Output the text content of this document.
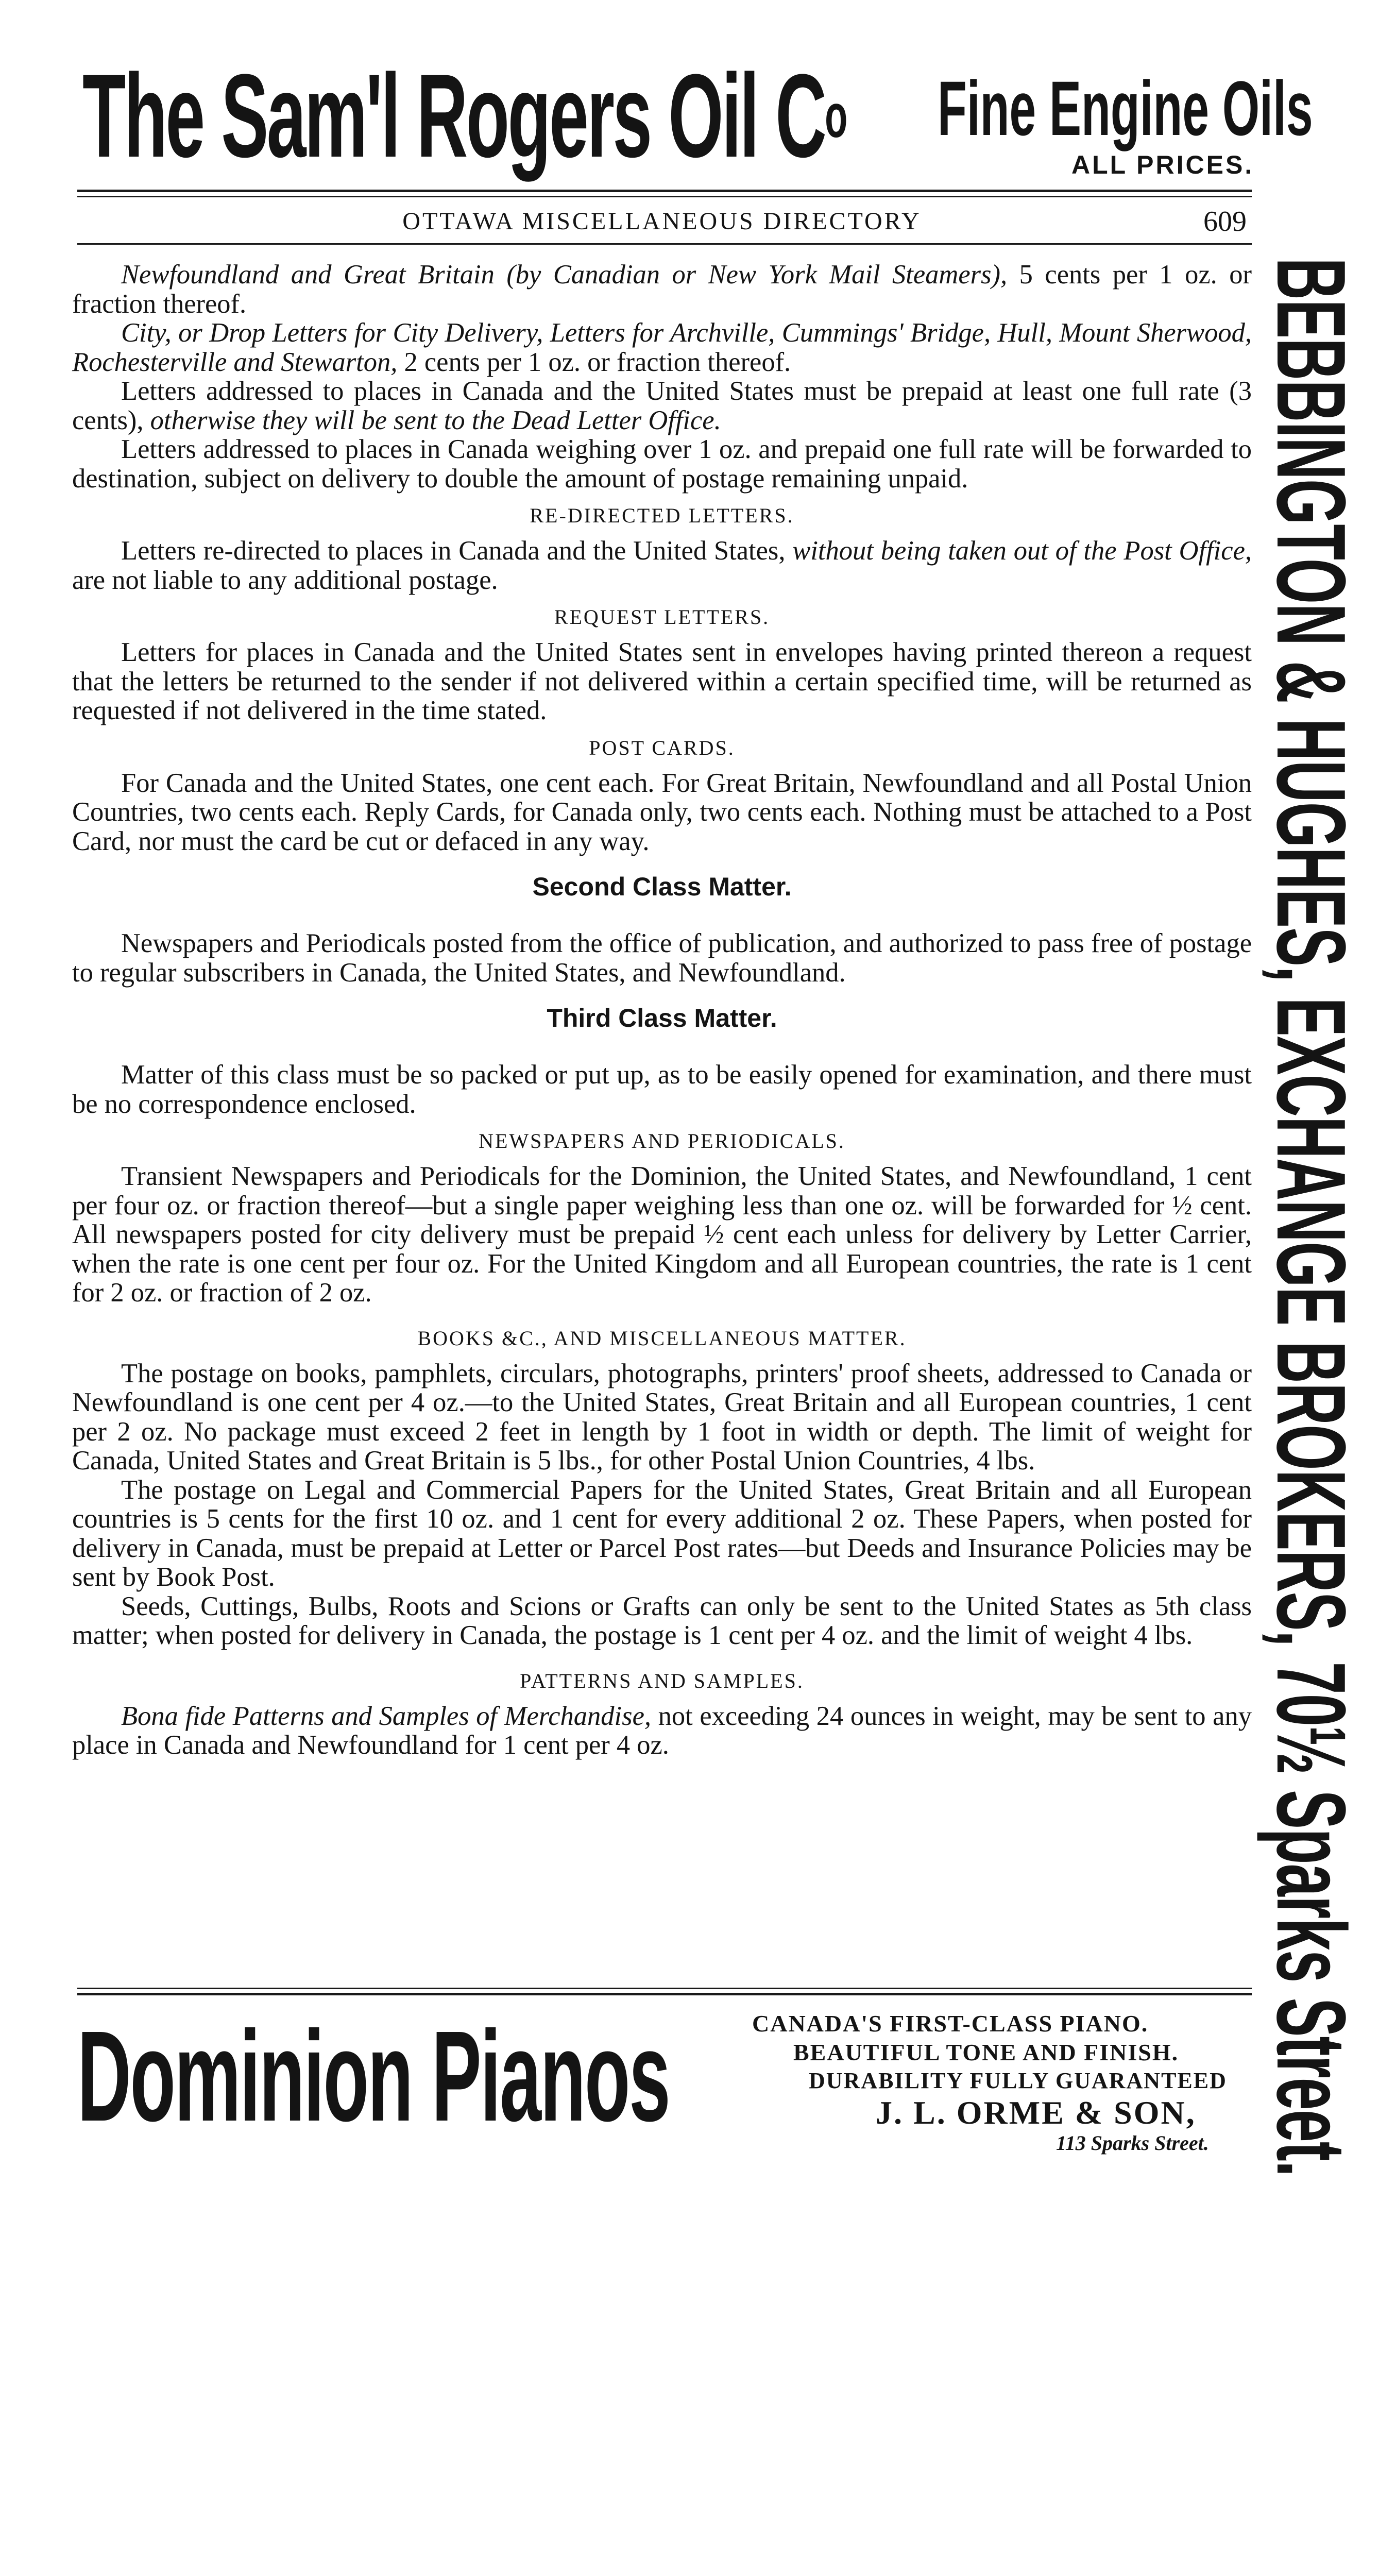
The Sam'l Rogers Oil $C^o$ Fine Engine Oils
ALL PRICES.
OTTAWA MISCELLANEOUS DIRECTORY	609

Newfoundland and Great Britain (by Canadian or New York Mail Steamers), 5 cents per 1 oz. or fraction thereof.

City, or Drop Letters for City Delivery, Letters for Archville, Cummings' Bridge, Hull, Mount Sherwood, Rochesterville and Stewarton, 2 cents per 1 oz. or fraction thereof.

Letters addressed to places in Canada and the United States must be prepaid at least one full rate (3 cents), otherwise they will be sent to the Dead Letter Office.

Letters addressed to places in Canada weighing over 1 oz. and prepaid one full rate will be forwarded to destination, subject on delivery to double the amount of postage remaining unpaid.

RE-DIRECTED LETTERS.

Letters re-directed to places in Canada and the United States, without being taken out of the Post Office, are not liable to any additional postage.

REQUEST LETTERS.

Letters for places in Canada and the United States sent in envelopes having printed thereon a request that the letters be returned to the sender if not delivered within a certain specified time, will be returned as requested if not delivered in the time stated.

POST CARDS.

For Canada and the United States, one cent each. For Great Britain, Newfoundland and all Postal Union Countries, two cents each. Reply Cards, for Canada only, two cents each. Nothing must be attached to a Post Card, nor must the card be cut or defaced in any way.

Second Class Matter.

Newspapers and Periodicals posted from the office of publication, and authorized to pass free of postage to regular subscribers in Canada, the United States, and Newfoundland.

Third Class Matter.

Matter of this class must be so packed or put up, as to be easily opened for examination, and there must be no correspondence enclosed.

NEWSPAPERS AND PERIODICALS.

Transient Newspapers and Periodicals for the Dominion, the United States, and Newfoundland, 1 cent per four oz. or fraction thereof—but a single paper weighing less than one oz. will be forwarded for ½ cent. All newspapers posted for city delivery must be prepaid ½ cent each unless for delivery by Letter Carrier, when the rate is one cent per four oz. For the United Kingdom and all European countries, the rate is 1 cent for 2 oz. or fraction of 2 oz.

BOOKS &C., AND MISCELLANEOUS MATTER.

The postage on books, pamphlets, circulars, photographs, printers' proof sheets, addressed to Canada or Newfoundland is one cent per 4 oz.—to the United States, Great Britain and all European countries, 1 cent per 2 oz. No package must exceed 2 feet in length by 1 foot in width or depth. The limit of weight for Canada, United States and Great Britain is 5 lbs., for other Postal Union Countries, 4 lbs.

The postage on Legal and Commercial Papers for the United States, Great Britain and all European countries is 5 cents for the first 10 oz. and 1 cent for every additional 2 oz. These Papers, when posted for delivery in Canada, must be prepaid at Letter or Parcel Post rates—but Deeds and Insurance Policies may be sent by Book Post.

Seeds, Cuttings, Bulbs, Roots and Scions or Grafts can only be sent to the United States as 5th class matter; when posted for delivery in Canada, the postage is 1 cent per 4 oz. and the limit of weight 4 lbs.

PATTERNS AND SAMPLES.

Bona fide Patterns and Samples of Merchandise, not exceeding 24 ounces in weight, may be sent to any place in Canada and Newfoundland for 1 cent per 4 oz.	BEBBINGTON & HUGHES, EXCHANGE BROKERS, 70½ Sparks Street.
Dominion Pianos	CANADA'S FIRST-CLASS PIANO.
BEAUTIFUL TONE AND FINISH.
DURABILITY FULLY GUARANTEED
J. L. ORME & SON,
113 Sparks Street.
